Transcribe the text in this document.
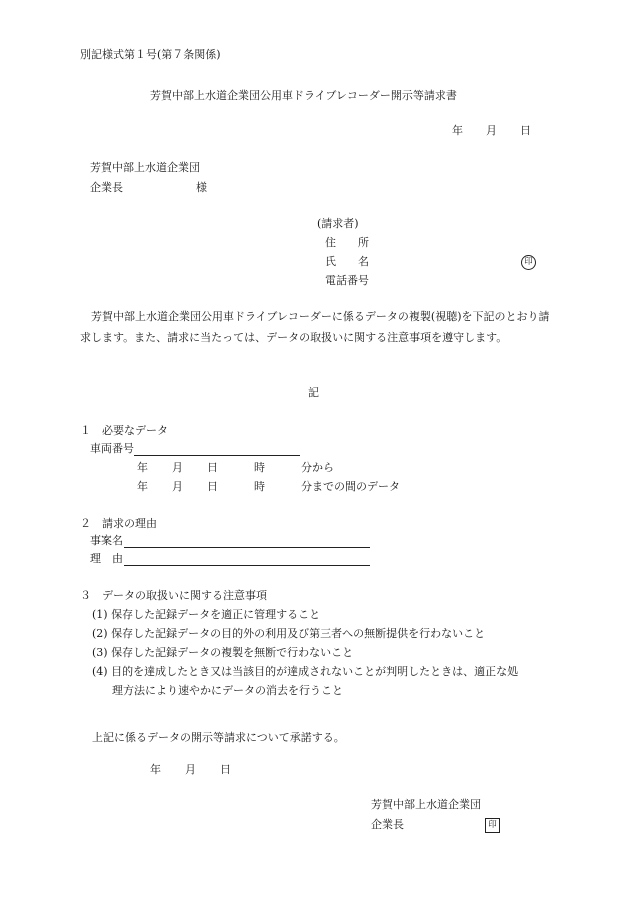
別記様式第１号(第７条関係)
芳賀中部上水道企業団公用車ドライブレコーダー開示等請求書
年 月 日
芳賀中部上水道企業団
企業長	様
(請求者)
住　　所
氏　　名	印
電話番号
芳賀中部上水道企業団公用車ドライブレコーダーに係るデータの複製(視聴)を下記のとおり請求します。また、請求に当たっては、データの取扱いに関する注意事項を遵守します。
記
１　必要なデータ
車両番号
年 月 日	時	分から
年 月 日	時	分までの間のデータ
２　請求の理由
事案名
理　由
３　データの取扱いに関する注意事項
(1) 保存した記録データを適正に管理すること
(2) 保存した記録データの目的外の利用及び第三者への無断提供を行わないこと
(3) 保存した記録データの複製を無断で行わないこと
(4) 目的を達成したとき又は当該目的が達成されないことが判明したときは、適正な処
理方法により速やかにデータの消去を行うこと
上記に係るデータの開示等請求について承諾する。
年 月 日
芳賀中部上水道企業団
企業長	印
